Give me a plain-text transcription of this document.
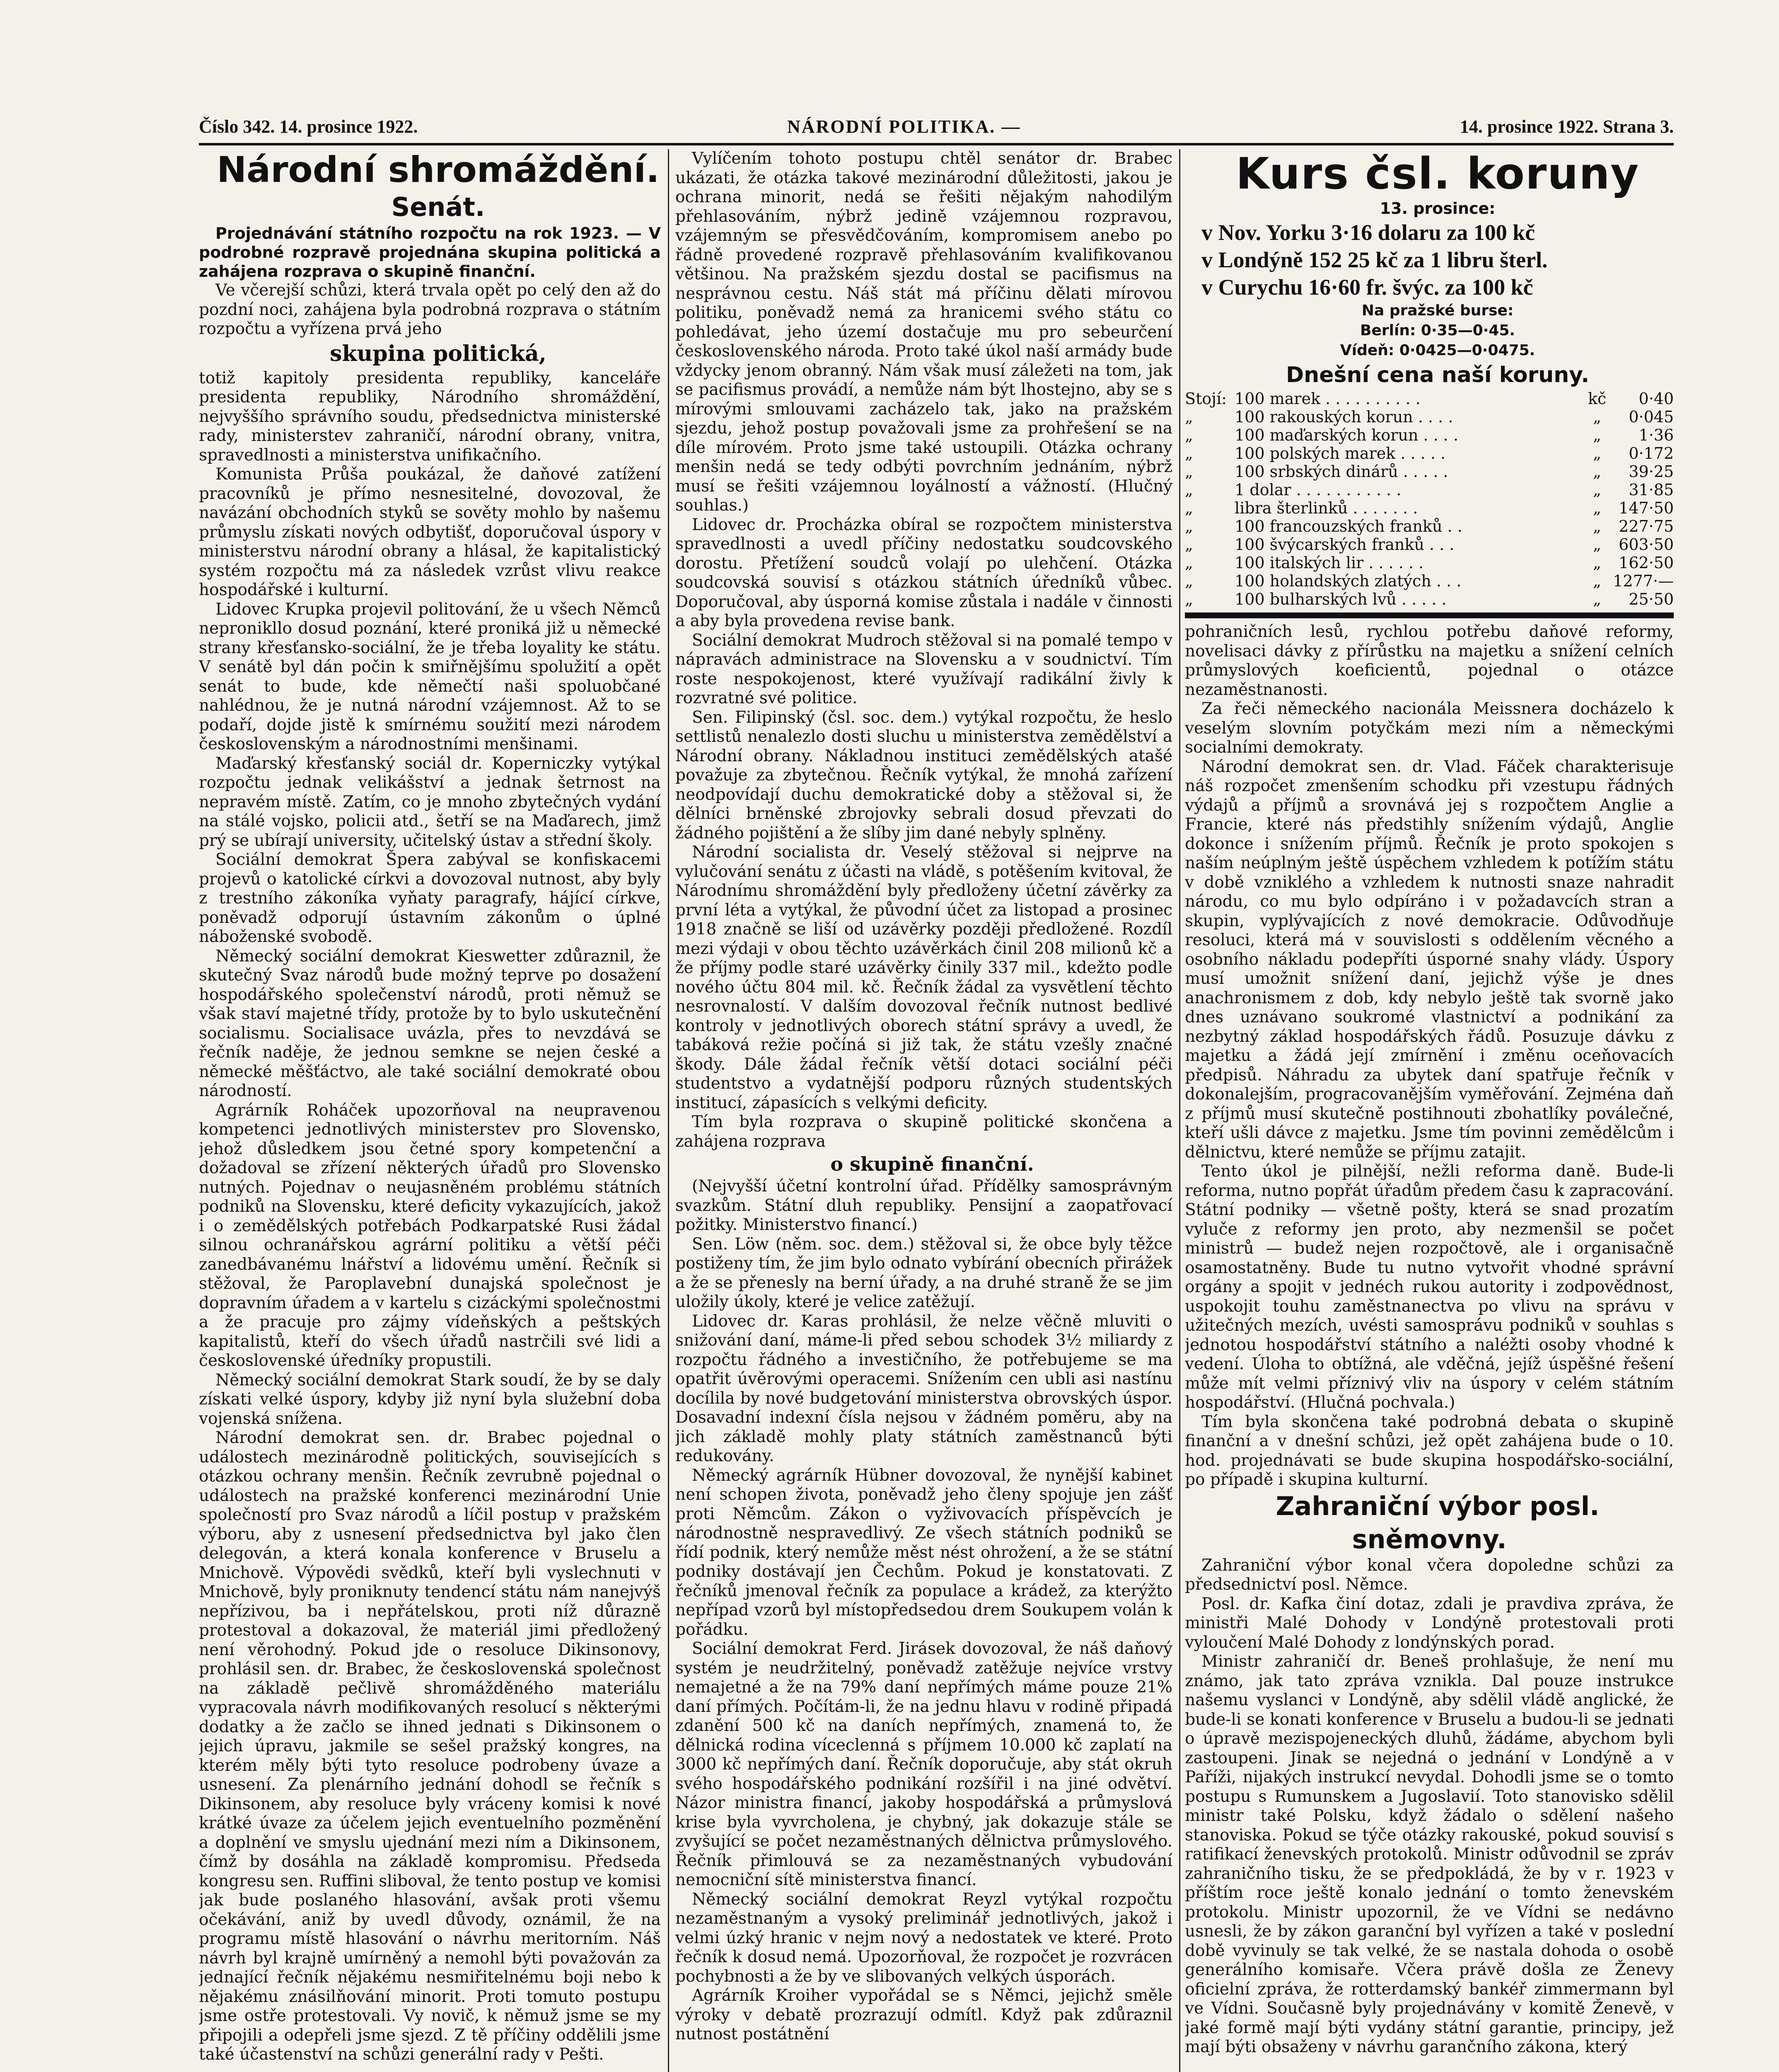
Číslo 342. 14. prosince 1922.	NÁRODNÍ POLITIKA. —	14. prosince 1922. Strana 3.

Národní shromáždění.

Senát.

Projednávání státního rozpočtu na rok 1923. — V podrobné rozpravě projednána skupina politická a zahájena rozprava o skupině finanční.

Ve včerejší schůzi, která trvala opět po celý den až do pozdní noci, zahájena byla podrobná rozprava o státním rozpočtu a vyřízena prvá jeho

skupina politická,

totiž kapitoly presidenta republiky, kanceláře presidenta republiky, Národního shromáždění, nejvyššího správního soudu, předsednictva ministerské rady, ministerstev zahraničí, národní obrany, vnitra, spravedlnosti a ministerstva unifikačního.

Komunista Průša poukázal, že daňové zatížení pracovníků je přímo nesnesitelné, dovozoval, že navázání obchodních styků se sověty mohlo by našemu průmyslu získati nových odbytišť, doporučoval úspory v ministerstvu národní obrany a hlásal, že kapitalistický systém rozpočtu má za následek vzrůst vlivu reakce hospodářské i kulturní.

Lidovec Krupka projevil politování, že u všech Němců nepronikllo dosud poznání, které proniká již u německé strany křesťansko-sociální, že je třeba loyality ke státu. V senátě byl dán počin k smiřnějšímu spolužití a opět senát to bude, kde němečtí naši spoluobčané nahlédnou, že je nutná národní vzájemnost. Až to se podaří, dojde jistě k smírnému soužití mezi národem československým a národnostními menšinami.

Maďarský křesťanský sociál dr. Koperniczky vytýkal rozpočtu jednak velikášství a jednak šetrnost na nepravém místě. Zatím, co je mnoho zbytečných vydání na stálé vojsko, policii atd., šetří se na Maďarech, jimž prý se ubírají university, učitelský ústav a střední školy.

Sociální demokrat Špera zabýval se konfiskacemi projevů o katolické církvi a dovozoval nutnost, aby byly z trestního zákoníka vyňaty paragrafy, hájící církve, poněvadž odporují ústavním zákonům o úplné náboženské svobodě.

Německý sociální demokrat Kieswetter zdůraznil, že skutečný Svaz národů bude možný teprve po dosažení hospodářského společenství národů, proti němuž se však staví majetné třídy, protože by to bylo uskutečnění socialismu. Socialisace uvázla, přes to nevzdává se řečník naděje, že jednou semkne se nejen české a německé měšťáctvo, ale také sociální demokraté obou národností.

Agrárník Roháček upozorňoval na neupravenou kompetenci jednotlivých ministerstev pro Slovensko, jehož důsledkem jsou četné spory kompetenční a dožadoval se zřízení některých úřadů pro Slovensko nutných. Pojednav o neujasněném problému státních podniků na Slovensku, které deficity vykazujících, jakož i o zemědělských potřebách Podkarpatské Rusi žádal silnou ochranářskou agrární politiku a větší péči zanedbávanému lnářství a lidovému umění. Řečník si stěžoval, že Paroplavební dunajská společnost je dopravním úřadem a v kartelu s cizáckými společnostmi a že pracuje pro zájmy vídeňských a peštských kapitalistů, kteří do všech úřadů nastrčili své lidi a československé úředníky propustili.

Německý sociální demokrat Stark soudí, že by se daly získati velké úspory, kdyby již nyní byla služební doba vojenská snížena.

Národní demokrat sen. dr. Brabec pojednal o událostech mezinárodně politických, souvisejících s otázkou ochrany menšin. Řečník zevrubně pojednal o událostech na pražské konferenci mezinárodní Unie společností pro Svaz národů a líčil postup v pražském výboru, aby z usnesení předsednictva byl jako člen delegován, a která konala konference v Bruselu a Mnichově. Výpovědi svědků, kteří byli vyslechnuti v Mnichově, byly proniknuty tendencí státu nám nanejvýš nepřízivou, ba i nepřátelskou, proti níž důrazně protestoval a dokazoval, že materiál jimi předložený není věrohodný. Pokud jde o resoluce Dikinsonovy, prohlásil sen. dr. Brabec, že československá společnost na základě pečlivě shromážděného materiálu vypracovala návrh modifikovaných resolucí s některými dodatky a že začlo se ihned jednati s Dikinsonem o jejich úpravu, jakmile se sešel pražský kongres, na kterém měly býti tyto resoluce podrobeny úvaze a usnesení. Za plenárního jednání dohodl se řečník s Dikinsonem, aby resoluce byly vráceny komisi k nové krátké úvaze za účelem jejich eventuelního pozměnění a doplnění ve smyslu ujednání mezi ním a Dikinsonem, čímž by dosáhla na základě kompromisu. Předseda kongresu sen. Ruffini sliboval, že tento postup ve komisi jak bude poslaného hlasování, avšak proti všemu očekávání, aniž by uvedl důvody, oznámil, že na programu místě hlasování o návrhu meritorním. Náš návrh byl krajně umírněný a nemohl býti považován za jednající řečník nějakému nesmiřitelnému boji nebo k nějakému znásilňování minorit. Proti tomuto postupu jsme ostře protestovali. Vy novič, k němuž jsme se my připojili a odepřeli jsme sjezd. Z tě příčiny oddělili jsme také účastenství na schůzi generální rady v Pešti.

Vylíčením tohoto postupu chtěl senátor dr. Brabec ukázati, že otázka takové mezinárodní důležitosti, jakou je ochrana minorit, nedá se řešiti nějakým nahodilým přehlasováním, nýbrž jedině vzájemnou rozpravou, vzájemným se přesvědčováním, kompromisem anebo po řádně provedené rozpravě přehlasováním kvalifikovanou většinou. Na pražském sjezdu dostal se pacifismus na nesprávnou cestu. Náš stát má příčinu dělati mírovou politiku, poněvadž nemá za hranicemi svého státu co pohledávat, jeho území dostačuje mu pro sebeurčení československého národa. Proto také úkol naší armády bude vždycky jenom obranný. Nám však musí záležeti na tom, jak se pacifismus provádí, a nemůže nám být lhostejno, aby se s mírovými smlouvami zacházelo tak, jako na pražském sjezdu, jehož postup považovali jsme za prohřešení se na díle mírovém. Proto jsme také ustoupili. Otázka ochrany menšin nedá se tedy odbýti povrchním jednáním, nýbrž musí se řešiti vzájemnou loyálností a vážností. (Hlučný souhlas.)

Lidovec dr. Procházka obíral se rozpočtem ministerstva spravedlnosti a uvedl příčiny nedostatku soudcovského dorostu. Přetížení soudců volají po ulehčení. Otázka soudcovská souvisí s otázkou státních úředníků vůbec. Doporučoval, aby úsporná komise zůstala i nadále v činnosti a aby byla provedena revise bank.

Sociální demokrat Mudroch stěžoval si na pomalé tempo v nápravách administrace na Slovensku a v soudnictví. Tím roste nespokojenost, které využívají radikální živly k rozvratné své politice.

Sen. Filipinský (čsl. soc. dem.) vytýkal rozpočtu, že heslo settlistů nenalezlo dosti sluchu u ministerstva zemědělství a Národní obrany. Nákladnou instituci zemědělských atašé považuje za zbytečnou. Řečník vytýkal, že mnohá zařízení neodpovídají duchu demokratické doby a stěžoval si, že dělníci brněnské zbrojovky sebrali dosud převzati do žádného pojištění a že slíby jim dané nebyly splněny.

Národní socialista dr. Veselý stěžoval si nejprve na vylučování senátu z účasti na vládě, s potěšením kvitoval, že Národnímu shromáždění byly předloženy účetní závěrky za první léta a vytýkal, že původní účet za listopad a prosinec 1918 značně se liší od uzávěrky později předložené. Rozdíl mezi výdaji v obou těchto uzávěrkách činil 208 milionů kč a že příjmy podle staré uzávěrky činily 337 mil., kdežto podle nového účtu 804 mil. kč. Řečník žádal za vysvětlení těchto nesrovnalostí. V dalším dovozoval řečník nutnost bedlivé kontroly v jednotlivých oborech státní správy a uvedl, že tabáková režie počíná si již tak, že státu vzešly značné škody. Dále žádal řečník větší dotaci sociální péči studentstvo a vydatnější podporu různých studentských institucí, zápasících s velkými deficity.

Tím byla rozprava o skupině politické skončena a zahájena rozprava

o skupině finanční.

(Nejvyšší účetní kontrolní úřad. Přídělky samosprávným svazkům. Státní dluh republiky. Pensijní a zaopatřovací požitky. Ministerstvo financí.)

Sen. Löw (něm. soc. dem.) stěžoval si, že obce byly těžce postiženy tím, že jim bylo odnato vybírání obecních přirážek a že se přenesly na berní úřady, a na druhé straně že se jim uložily úkoly, které je velice zatěžují.

Lidovec dr. Karas prohlásil, že nelze věčně mluviti o snižování daní, máme-li před sebou schodek 3½ miliardy z rozpočtu řádného a investičního, že potřebujeme se ma opatřit úvěrovými operacemi. Snížením cen ubli asi nastínu docílila by nové budgetování ministerstva obrovských úspor. Dosavadní indexní čísla nejsou v žádném poměru, aby na jich základě mohly platy státních zaměstnanců býti redukovány.

Německý agrárník Hübner dovozoval, že nynější kabinet není schopen života, poněvadž jeho členy spojuje jen zášť proti Němcům. Zákon o vyživovacích příspěvcích je národnostně nespravedlivý. Ze všech státních podniků se řídí podnik, který nemůže měst nést ohrožení, a že se státní podniky dostávají jen Čechům. Pokud je konstatovati. Z řečníků jmenoval řečník za populace a krádež, za kterýžto nepřípad vzorů byl místopředsedou drem Soukupem volán k pořádku.

Sociální demokrat Ferd. Jirásek dovozoval, že náš daňový systém je neudržitelný, poněvadž zatěžuje nejvíce vrstvy nemajetné a že na 79% daní nepřímých máme pouze 21% daní přímých. Počítám-li, že na jednu hlavu v rodině připadá zdanění 500 kč na daních nepřímých, znamená to, že dělnická rodina víceclenná s příjmem 10.000 kč zaplatí na 3000 kč nepřímých daní. Řečník doporučuje, aby stát okruh svého hospodářského podnikání rozšířil i na jiné odvětví. Názor ministra financí, jakoby hospodářská a průmyslová krise byla vyvrcholena, je chybný, jak dokazuje stále se zvyšující se počet nezaměstnaných dělnictva průmyslového. Řečník přimlouvá se za nezaměstnaných vybudování nemocniční sítě ministerstva financí.

Německý sociální demokrat Reyzl vytýkal rozpočtu nezaměstnaným a vysoký preliminář jednotlivých, jakož i velmi úzký hranic v nejm nový a nedostatek ve které. Proto řečník k dosud nemá. Upozorňoval, že rozpočet je rozvrácen pochybnosti a že by ve slibovaných velkých úsporách.

Agrárník Kroiher vypořádal se s Němci, jejichž směle výroky v debatě prozrazují odmítl. Když pak zdůraznil nutnost postátnění

Kurs čsl. koruny

13. prosince:

v Nov. Yorku 3·16 dolaru za 100 kč

v Londýně 152 25 kč za 1 libru šterl.

v Curychu 16·60 fr. švýc. za 100 kč

Na pražské burse:

Berlín: 0·35—0·45.

Vídeň: 0·0425—0·0475.

Dnešní cena naší koruny.

Stojí: 100 marek . . . . . . . . . .	kč	0·40
„	100 rakouských korun . . . .	„	0·045
„	100 maďarských korun . . . .	„	1·36
„	100 polských marek . . . . .	„	0·172
„	100 srbských dinárů . . . . .	„	39·25
„	1 dolar . . . . . . . . . . .	„	31·85
„	libra šterlinků . . . . . . .	„	147·50
„	100 francouzských franků . .	„	227·75
„	100 švýcarských franků . . .	„	603·50
„	100 italských lir . . . . . .	„	162·50
„	100 holandských zlatých . . .	„ 1277·—
„	100 bulharských lvů . . . . .	„	25·50

pohraničních lesů, rychlou potřebu daňové reformy, novelisaci dávky z přírůstku na majetku a snížení celních průmyslových koeficientů, pojednal o otázce nezaměstnanosti.

Za řeči německého nacionála Meissnera docházelo k veselým slovním potyčkám mezi ním a německými socialními demokraty.

Národní demokrat sen. dr. Vlad. Fáček charakterisuje náš rozpočet zmenšením schodku při vzestupu řádných výdajů a příjmů a srovnává jej s rozpočtem Anglie a Francie, které nás předstihly snížením výdajů, Anglie dokonce i snížením příjmů. Řečník je proto spokojen s naším neúplným ještě úspěchem vzhledem k potížím státu v době vzniklého a vzhledem k nutnosti snaze nahradit národu, co mu bylo odpíráno i v požadavcích stran a skupin, vyplývajících z nové demokracie. Odůvodňuje resoluci, která má v souvislosti s oddělením věcného a osobního nákladu podepříti úsporné snahy vlády. Úspory musí umožnit snížení daní, jejichž výše je dnes anachronismem z dob, kdy nebylo ještě tak svorně jako dnes uznávano soukromé vlastnictví a podnikání za nezbytný základ hospodářských řádů. Posuzuje dávku z majetku a žádá její zmírnění i změnu oceňovacích předpisů. Náhradu za ubytek daní spatřuje řečník v dokonalejším, progracovanějším vyměřování. Zejména daň z příjmů musí skutečně postihnouti zbohatlíky poválečné, kteří ušli dávce z majetku. Jsme tím povinni zemědělcům i dělnictvu, které nemůže se příjmu zatajit.

Tento úkol je pilnější, nežli reforma daně. Bude-li reforma, nutno popřát úřadům předem času k zapracování. Státní podniky — všetně pošty, která se snad prozatím vyluče z reformy jen proto, aby nezmenšil se počet ministrů — budež nejen rozpočtově, ale i organisačně osamostatněny. Bude tu nutno vytvořit vhodné správní orgány a spojit v jednéch rukou autority i zodpovědnost, uspokojit touhu zaměstnanectva po vlivu na správu v užitečných mezích, uvésti samosprávu podniků v souhlas s jednotou hospodářství státního a naléžti osoby vhodné k vedení. Úloha to obtížná, ale vděčná, jejíž úspěšné řešení může mít velmi příznivý vliv na úspory v celém státním hospodářství. (Hlučná pochvala.)

Tím byla skončena také podrobná debata o skupině finanční a v dnešní schůzi, jež opět zahájena bude o 10. hod. projednávati se bude skupina hospodářsko-sociální, po případě i skupina kulturní.

Zahraniční výbor posl. sněmovny.

Zahraniční výbor konal včera dopoledne schůzi za předsednictví posl. Němce.

Posl. dr. Kafka činí dotaz, zdali je pravdiva zpráva, že ministři Malé Dohody v Londýně protestovali proti vyloučení Malé Dohody z londýnských porad.

Ministr zahraničí dr. Beneš prohlašuje, že není mu známo, jak tato zpráva vznikla. Dal pouze instrukce našemu vyslanci v Londýně, aby sdělil vládě anglické, že bude-li se konati konference v Bruselu a budou-li se jednati o úpravě mezispojeneckých dluhů, žádáme, abychom byli zastoupeni. Jinak se nejedná o jednání v Londýně a v Paříži, nijakých instrukcí nevydal. Dohodli jsme se o tomto postupu s Rumunskem a Jugoslavií. Toto stanovisko sdělil ministr také Polsku, když žádalo o sdělení našeho stanoviska. Pokud se týče otázky rakouské, pokud souvisí s ratifikací ženevských protokolů. Ministr odůvodnil se zpráv zahraničního tisku, že se předpokládá, že by v r. 1923 v příštím roce ještě konalo jednání o tomto ženevském protokolu. Ministr upozornil, že ve Vídni se nedávno usnesli, že by zákon garanční byl vyřízen a také v poslední době vyvinuly se tak velké, že se nastala dohoda o osobě generálního komisaře. Včera právě došla ze Ženevy oficielní zpráva, že rotterdamský bankéř zimmermann byl ve Vídni. Současně byly projednávány v komitě Ženevě, v jaké formě mají býti vydány státní garantie, principy, jež mají býti obsaženy v návrhu garančního zákona, který
